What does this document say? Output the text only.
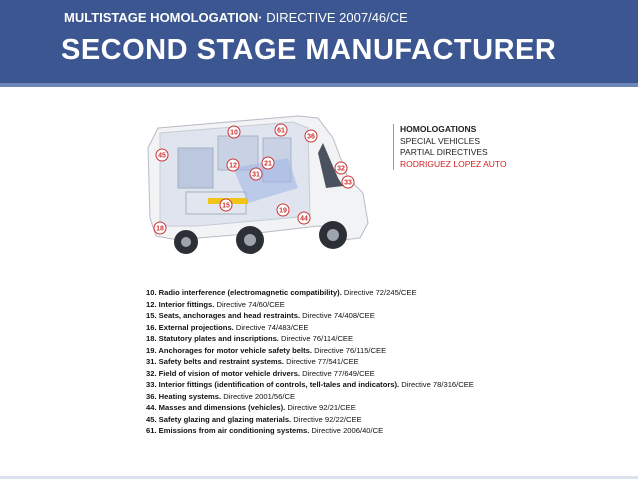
MULTISTAGE HOMOLOGATION· DIRECTIVE 2007/46/CE
SECOND STAGE MANUFACTURER
10	61
36
45
12	21
31
32
33
19
44
15
18
HOMOLOGATIONS
SPECIAL VEHICLES
PARTIAL DIRECTIVES
RODRIGUEZ LOPEZ AUTO
10. Radio interference (electromagnetic compatibility). Directive 72/245/CEE
12. Interior fittings. Directive 74/60/CEE
15. Seats, anchorages and head restraints. Directive 74/408/CEE
16. External projections. Directive 74/483/CEE
18. Statutory plates and inscriptions. Directive 76/114/CEE
19. Anchorages for motor vehicle safety belts. Directive 76/115/CEE
31. Safety belts and restraint systems. Directive 77/541/CEE
32. Field of vision of motor vehicle drivers. Directive 77/649/CEE
33. Interior fittings (identification of controls, tell-tales and indicators). Directive 78/316/CEE
36. Heating systems. Directive 2001/56/CE
44. Masses and dimensions (vehicles). Directive 92/21/CEE
45. Safety glazing and glazing materials. Directive 92/22/CEE
61. Emissions from air conditioning systems. Directive 2006/40/CE
